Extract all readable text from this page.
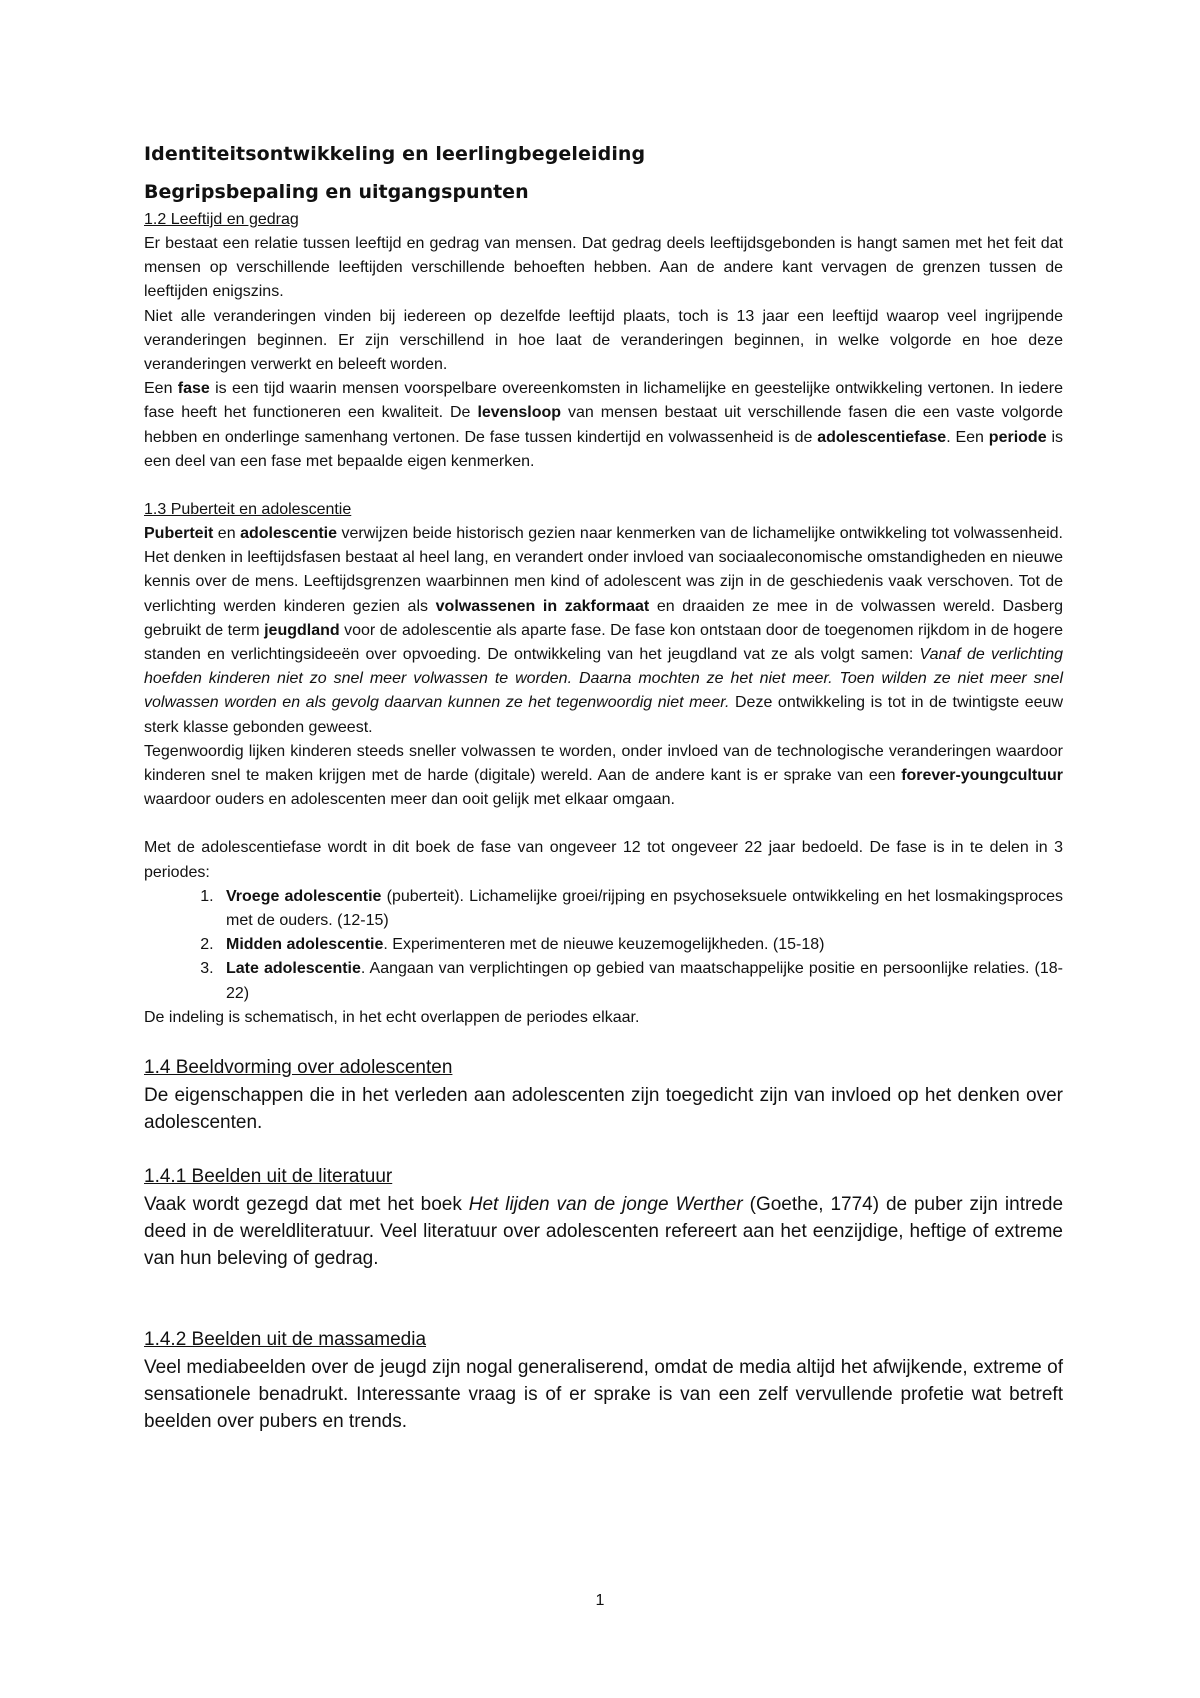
Identiteitsontwikkeling en leerlingbegeleiding
Begripsbepaling en uitgangspunten

1.2 Leeftijd en gedrag

Er bestaat een relatie tussen leeftijd en gedrag van mensen. Dat gedrag deels leeftijdsgebonden is hangt samen met het feit dat mensen op verschillende leeftijden verschillende behoeften hebben. Aan de andere kant vervagen de grenzen tussen de leeftijden enigszins.

Niet alle veranderingen vinden bij iedereen op dezelfde leeftijd plaats, toch is 13 jaar een leeftijd waarop veel ingrijpende veranderingen beginnen. Er zijn verschillend in hoe laat de veranderingen beginnen, in welke volgorde en hoe deze veranderingen verwerkt en beleeft worden.

Een fase is een tijd waarin mensen voorspelbare overeenkomsten in lichamelijke en geestelijke ontwikkeling vertonen. In iedere fase heeft het functioneren een kwaliteit. De levensloop van mensen bestaat uit verschillende fasen die een vaste volgorde hebben en onderlinge samenhang vertonen. De fase tussen kindertijd en volwassenheid is de adolescentiefase. Een periode is een deel van een fase met bepaalde eigen kenmerken.

1.3 Puberteit en adolescentie

Puberteit en adolescentie verwijzen beide historisch gezien naar kenmerken van de lichamelijke ontwikkeling tot volwassenheid. Het denken in leeftijdsfasen bestaat al heel lang, en verandert onder invloed van sociaaleconomische omstandigheden en nieuwe kennis over de mens. Leeftijdsgrenzen waarbinnen men kind of adolescent was zijn in de geschiedenis vaak verschoven. Tot de verlichting werden kinderen gezien als volwassenen in zakformaat en draaiden ze mee in de volwassen wereld. Dasberg gebruikt de term jeugdland voor de adolescentie als aparte fase. De fase kon ontstaan door de toegenomen rijkdom in de hogere standen en verlichtingsideeën over opvoeding. De ontwikkeling van het jeugdland vat ze als volgt samen: Vanaf de verlichting hoefden kinderen niet zo snel meer volwassen te worden. Daarna mochten ze het niet meer. Toen wilden ze niet meer snel volwassen worden en als gevolg daarvan kunnen ze het tegenwoordig niet meer. Deze ontwikkeling is tot in de twintigste eeuw sterk klasse gebonden geweest.

Tegenwoordig lijken kinderen steeds sneller volwassen te worden, onder invloed van de technologische veranderingen waardoor kinderen snel te maken krijgen met de harde (digitale) wereld. Aan de andere kant is er sprake van een forever-youngcultuur waardoor ouders en adolescenten meer dan ooit gelijk met elkaar omgaan.

Met de adolescentiefase wordt in dit boek de fase van ongeveer 12 tot ongeveer 22 jaar bedoeld. De fase is in te delen in 3 periodes:

1. Vroege adolescentie (puberteit). Lichamelijke groei/rijping en psychoseksuele ontwikkeling en het losmakingsproces met de ouders. (12-15)
2. Midden adolescentie. Experimenteren met de nieuwe keuzemogelijkheden. (15-18)
3. Late adolescentie. Aangaan van verplichtingen op gebied van maatschappelijke positie en persoonlijke relaties. (18-22)

De indeling is schematisch, in het echt overlappen de periodes elkaar.

1.4 Beeldvorming over adolescenten

De eigenschappen die in het verleden aan adolescenten zijn toegedicht zijn van invloed op het denken over adolescenten.

1.4.1 Beelden uit de literatuur

Vaak wordt gezegd dat met het boek Het lijden van de jonge Werther (Goethe, 1774) de puber zijn intrede deed in de wereldliteratuur. Veel literatuur over adolescenten refereert aan het eenzijdige, heftige of extreme van hun beleving of gedrag.

1.4.2 Beelden uit de massamedia

Veel mediabeelden over de jeugd zijn nogal generaliserend, omdat de media altijd het afwijkende, extreme of sensationele benadrukt. Interessante vraag is of er sprake is van een zelf vervullende profetie wat betreft beelden over pubers en trends.

1
